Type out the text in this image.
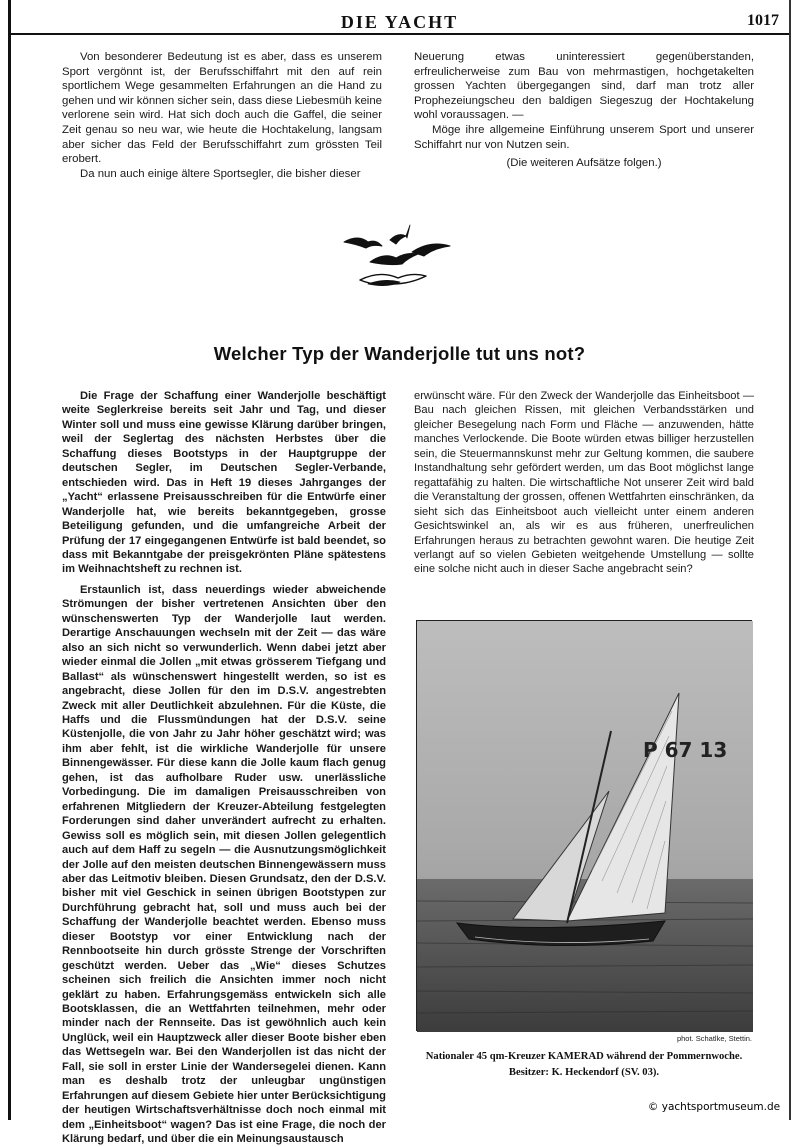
DIE YACHT	1017

Von besonderer Bedeutung ist es aber, dass es unserem Sport vergönnt ist, der Berufsschiffahrt mit den auf rein sportlichem Wege gesammelten Erfahrungen an die Hand zu gehen und wir können sicher sein, dass diese Liebesmüh keine verlorene sein wird. Hat sich doch auch die Gaffel, die seiner Zeit genau so neu war, wie heute die Hochtakelung, langsam aber sicher das Feld der Berufsschiffahrt zum grössten Teil erobert.

Da nun auch einige ältere Sportsegler, die bisher dieser

Neuerung etwas uninteressiert gegenüberstanden, erfreulicherweise zum Bau von mehrmastigen, hochgetakelten grossen Yachten übergegangen sind, darf man trotz aller Prophezeiungscheu den baldigen Siegeszug der Hochtakelung wohl voraussagen. —

Möge ihre allgemeine Einführung unserem Sport und unserer Schiffahrt nur von Nutzen sein.

(Die weiteren Aufsätze folgen.)

Welcher Typ der Wanderjolle tut uns not?

Die Frage der Schaffung einer Wanderjolle beschäftigt weite Seglerkreise bereits seit Jahr und Tag, und dieser Winter soll und muss eine gewisse Klärung darüber bringen, weil der Seglertag des nächsten Herbstes über die Schaffung dieses Bootstyps in der Hauptgruppe der deutschen Segler, im Deutschen Segler-Verbande, entschieden wird. Das in Heft 19 dieses Jahrganges der „Yacht“ erlassene Preisausschreiben für die Entwürfe einer Wanderjolle hat, wie bereits bekanntgegeben, grosse Beteiligung gefunden, und die umfangreiche Arbeit der Prüfung der 17 eingegangenen Entwürfe ist bald beendet, so dass mit Bekanntgabe der preisgekrönten Pläne spätestens im Weihnachtsheft zu rechnen ist.

Erstaunlich ist, dass neuerdings wieder abweichende Strömungen der bisher vertretenen Ansichten über den wünschenswerten Typ der Wanderjolle laut werden. Derartige Anschauungen wechseln mit der Zeit — das wäre also an sich nicht so verwunderlich. Wenn dabei jetzt aber wieder einmal die Jollen „mit etwas grösserem Tiefgang und Ballast“ als wünschenswert hingestellt werden, so ist es angebracht, diese Jollen für den im D.S.V. angestrebten Zweck mit aller Deutlichkeit abzulehnen. Für die Küste, die Haffs und die Flussmündungen hat der D.S.V. seine Küstenjolle, die von Jahr zu Jahr höher geschätzt wird; was ihm aber fehlt, ist die wirkliche Wanderjolle für unsere Binnengewässer. Für diese kann die Jolle kaum flach genug gehen, ist das aufholbare Ruder usw. unerlässliche Vorbedingung. Die im damaligen Preisausschreiben von erfahrenen Mitgliedern der Kreuzer-Abteilung festgelegten Forderungen sind daher unverändert aufrecht zu erhalten. Gewiss soll es möglich sein, mit diesen Jollen gelegentlich auch auf dem Haff zu segeln — die Ausnutzungsmöglichkeit der Jolle auf den meisten deutschen Binnengewässern muss aber das Leitmotiv bleiben. Diesen Grundsatz, den der D.S.V. bisher mit viel Geschick in seinen übrigen Bootstypen zur Durchführung gebracht hat, soll und muss auch bei der Schaffung der Wanderjolle beachtet werden. Ebenso muss dieser Bootstyp vor einer Entwicklung nach der Rennbootseite hin durch grösste Strenge der Vorschriften geschützt werden. Ueber das „Wie“ dieses Schutzes scheinen sich freilich die Ansichten immer noch nicht geklärt zu haben. Erfahrungsgemäss entwickeln sich alle Bootsklassen, die an Wettfahrten teilnehmen, mehr oder minder nach der Rennseite. Das ist gewöhnlich auch kein Unglück, weil ein Hauptzweck aller dieser Boote bisher eben das Wettsegeln war. Bei den Wanderjollen ist das nicht der Fall, sie soll in erster Linie der Wandersegelei dienen. Kann man es deshalb trotz der unleugbar ungünstigen Erfahrungen auf diesem Gebiete hier unter Berücksichtigung der heutigen Wirtschaftsverhältnisse doch noch einmal mit dem „Einheitsboot“ wagen? Das ist eine Frage, die noch der Klärung bedarf, und über die ein Meinungsaustausch

erwünscht wäre. Für den Zweck der Wanderjolle das Einheitsboot — Bau nach gleichen Rissen, mit gleichen Verbandsstärken und gleicher Besegelung nach Form und Fläche — anzuwenden, hätte manches Verlockende. Die Boote würden etwas billiger herzustellen sein, die Steuermannskunst mehr zur Geltung kommen, die saubere Instandhaltung sehr gefördert werden, um das Boot möglichst lange regattafähig zu halten. Die wirtschaftliche Not unserer Zeit wird bald die Veranstaltung der grossen, offenen Wettfahrten einschränken, da sieht sich das Einheitsboot auch vielleicht unter einem anderen Gesichtswinkel an, als wir es aus früheren, unerfreulichen Erfahrungen heraus zu betrachten gewohnt waren. Die heutige Zeit verlangt auf so vielen Gebieten weitgehende Umstellung — sollte eine solche nicht auch in dieser Sache angebracht sein?

P 67 13
phot. Schatlke, Stettin.
Nationaler 45 qm-Kreuzer KAMERAD während der Pommernwoche.
Besitzer: K. Heckendorf (SV. 03).
© yachtsportmuseum.de
